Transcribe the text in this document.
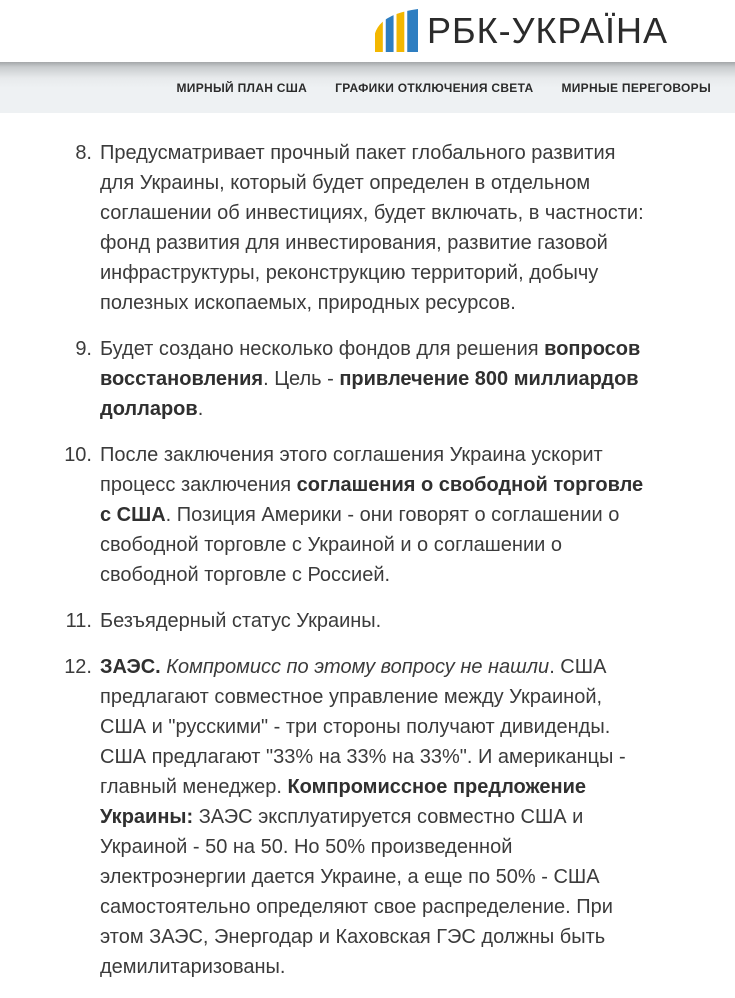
РБК-УКРАЇНА
МИРНЫЙ ПЛАН США ГРАФИКИ ОТКЛЮЧЕНИЯ СВЕТА МИРНЫЕ ПЕРЕГОВОРЫ
8. Предусматривает прочный пакет глобального развития для Украины, который будет определен в отдельном соглашении об инвестициях, будет включать, в частности: фонд развития для инвестирования, развитие газовой инфраструктуры, реконструкцию территорий, добычу полезных ископаемых, природных ресурсов.

9. Будет создано несколько фондов для решения вопросов восстановления. Цель - привлечение 800 миллиардов долларов.

10. После заключения этого соглашения Украина ускорит процесс заключения соглашения о свободной торговле с США. Позиция Америки - они говорят о соглашении о свободной торговле с Украиной и о соглашении о свободной торговле с Россией.

11. Безъядерный статус Украины.

12. ЗАЭС. Компромисс по этому вопросу не нашли. США предлагают совместное управление между Украиной, США и "русскими" - три стороны получают дивиденды. США предлагают "33% на 33% на 33%". И американцы - главный менеджер. Компромиссное предложение Украины: ЗАЭС эксплуатируется совместно США и Украиной - 50 на 50. Но 50% произведенной электроэнергии дается Украине, а еще по 50% - США самостоятельно определяют свое распределение. При этом ЗАЭС, Энергодар и Каховская ГЭС должны быть демилитаризованы.
